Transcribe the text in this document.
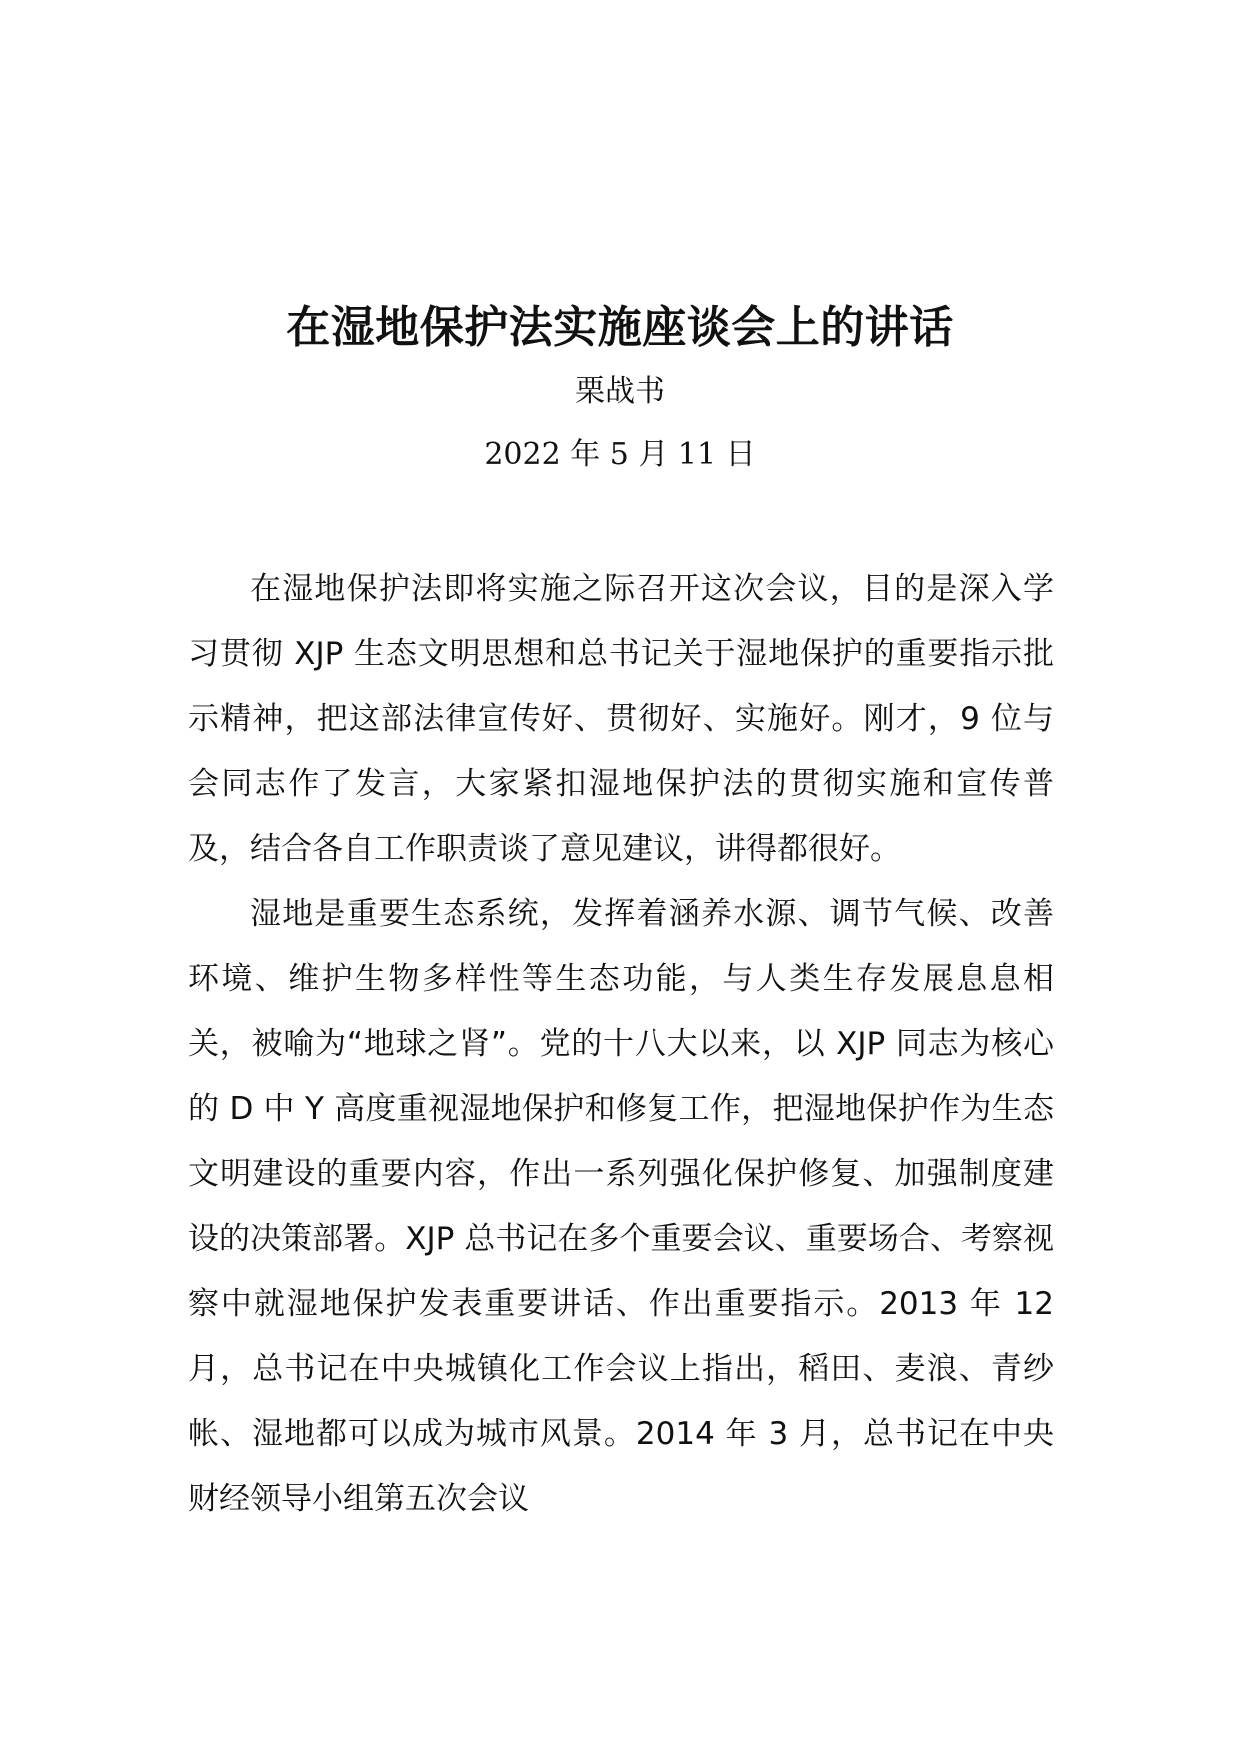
在湿地保护法实施座谈会上的讲话
栗战书
2022 年 5 月 11 日

在湿地保护法即将实施之际召开这次会议，目的是深入学习贯彻 XJP 生态文明思想和总书记关于湿地保护的重要指示批示精神，把这部法律宣传好、贯彻好、实施好。刚才，9 位与会同志作了发言，大家紧扣湿地保护法的贯彻实施和宣传普及，结合各自工作职责谈了意见建议，讲得都很好。

湿地是重要生态系统，发挥着涵养水源、调节气候、改善环境、维护生物多样性等生态功能，与人类生存发展息息相关，被喻为“地球之肾”。党的十八大以来，以 XJP 同志为核心的 D 中 Y 高度重视湿地保护和修复工作，把湿地保护作为生态文明建设的重要内容，作出一系列强化保护修复、加强制度建设的决策部署。XJP 总书记在多个重要会议、重要场合、考察视察中就湿地保护发表重要讲话、作出重要指示。2013 年 12 月，总书记在中央城镇化工作会议上指出，稻田、麦浪、青纱帐、湿地都可以成为城市风景。2014 年 3 月，总书记在中央财经领导小组第五次会议
